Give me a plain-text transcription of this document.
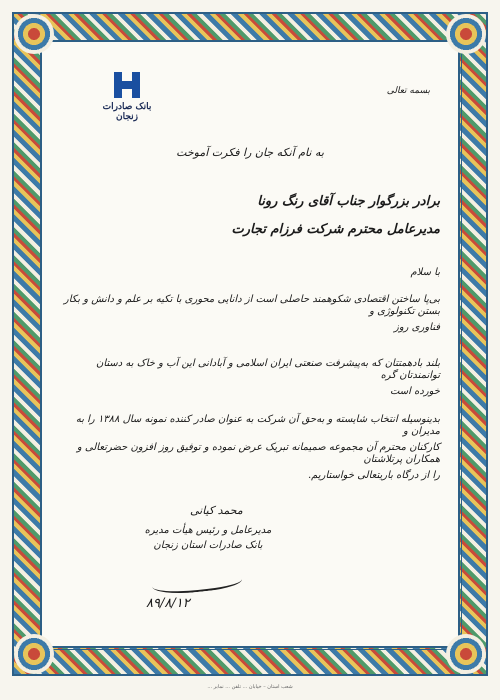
بانک صادرات زنجان
بسمه تعالی
به نام آنکه جان را فکرت آموخت
برادر بزرگوار جناب آقای رنگ رونا
مدیرعامل محترم شرکت فرزام تجارت
با سلام
بی‌پا ساختن اقتصادی شکوهمند حاصلی است از دانایی محوری با تکیه بر علم و دانش و بکار بستن تکنولوژی و
فناوری روز
بلند بادهمتتان که به‌پیشرفت صنعتی ایران اسلامی و آبادانی این آب و خاک به دستان توانمندتان گره
خورده است
بدینوسیله انتخاب شایسته و به‌حق آن شرکت به عنوان صادر کننده نمونه سال ۱۳۸۸ را به مدیران و
کارکنان محترم آن مجموعه صمیمانه تبریک عرض نموده و توفیق روز افزون حضرتعالی و همکاران پرتلاشتان
را از درگاه باریتعالی خواستاریم.
محمد کیانی
مدیرعامل و رئیس هیأت مدیره
بانک صادرات استان زنجان
۸۹/۸/۱۲
شعب استان – خیابان ... تلفن ... نمابر ...
